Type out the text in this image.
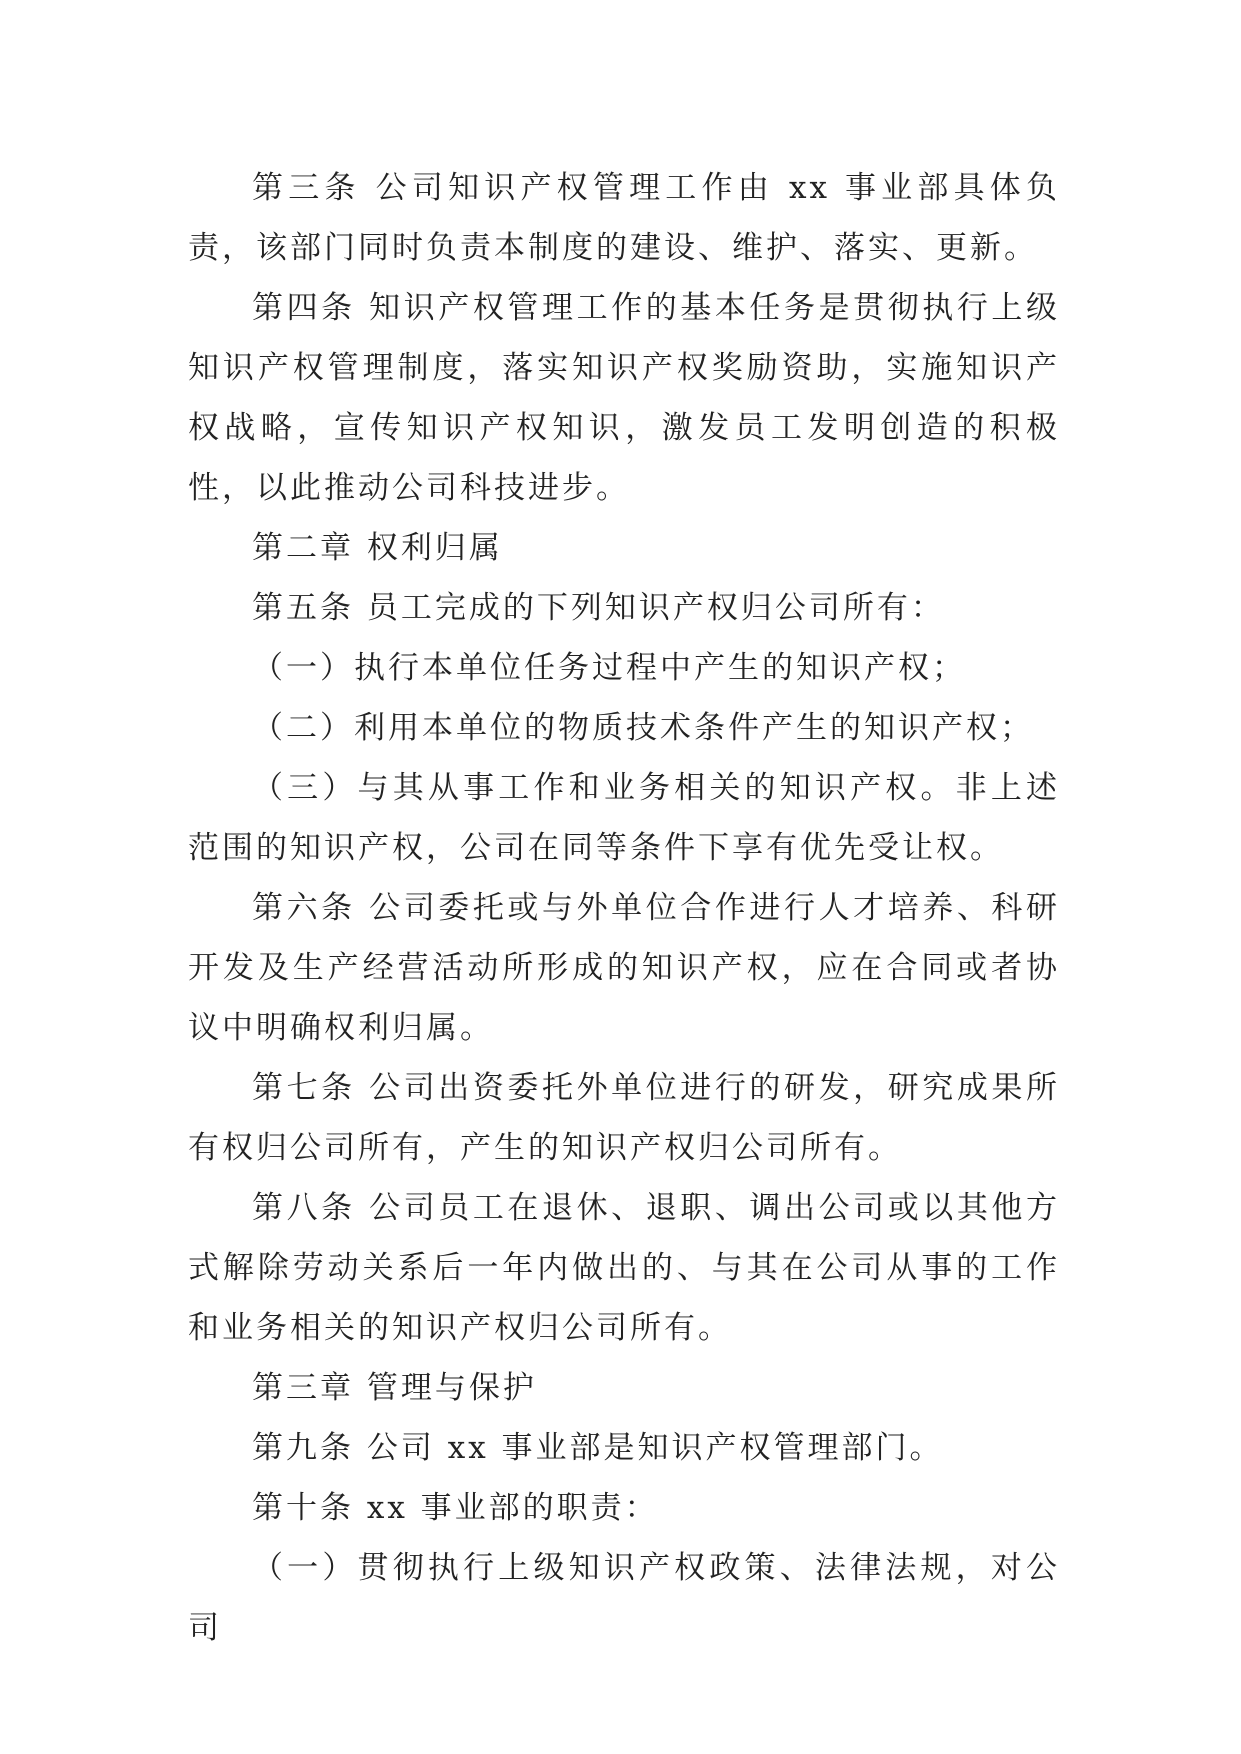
第三条 公司知识产权管理工作由 xx 事业部具体负责，该部门同时负责本制度的建设、维护、落实、更新。

第四条 知识产权管理工作的基本任务是贯彻执行上级知识产权管理制度，落实知识产权奖励资助，实施知识产权战略，宣传知识产权知识，激发员工发明创造的积极性，以此推动公司科技进步。

第二章 权利归属

第五条 员工完成的下列知识产权归公司所有：

（一）执行本单位任务过程中产生的知识产权；

（二）利用本单位的物质技术条件产生的知识产权；

（三）与其从事工作和业务相关的知识产权。非上述范围的知识产权，公司在同等条件下享有优先受让权。

第六条 公司委托或与外单位合作进行人才培养、科研开发及生产经营活动所形成的知识产权，应在合同或者协议中明确权利归属。

第七条 公司出资委托外单位进行的研发，研究成果所有权归公司所有，产生的知识产权归公司所有。

第八条 公司员工在退休、退职、调出公司或以其他方式解除劳动关系后一年内做出的、与其在公司从事的工作和业务相关的知识产权归公司所有。

第三章 管理与保护

第九条 公司 xx 事业部是知识产权管理部门。

第十条 xx 事业部的职责：

（一）贯彻执行上级知识产权政策、法律法规，对公司
